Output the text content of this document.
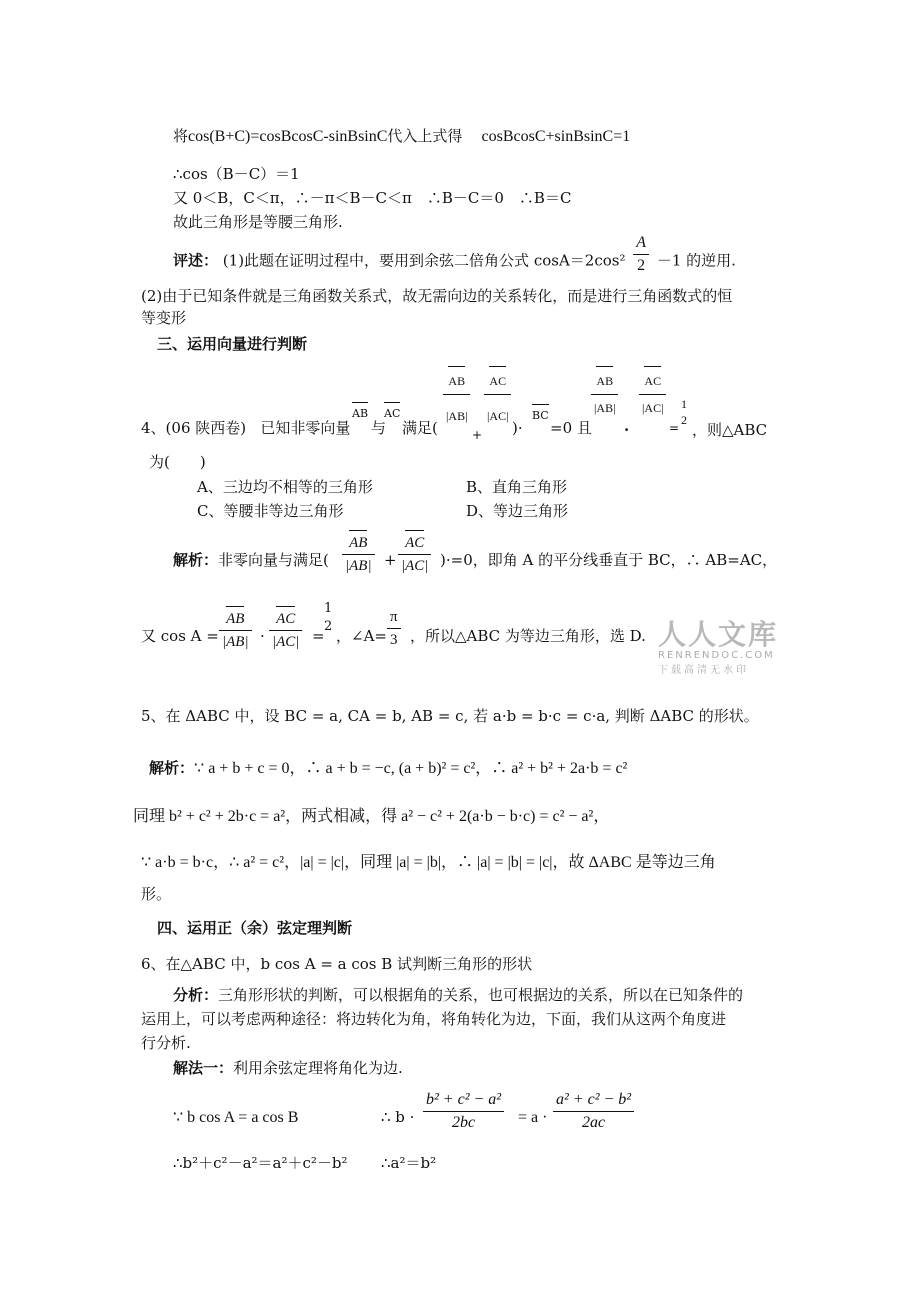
将cos(B+C)=cosBcosC-sinBsinC代入上式得 cosBcosC+sinBsinC=1
∴cos（B－C）＝1
又 0＜B，C＜π，∴－π＜B－C＜π　∴B－C＝0　∴B＝C
故此三角形是等腰三角形.
评述： (1)此题在证明过程中，要用到余弦二倍角公式 $\cos A=2\cos^2 \frac{A}{2} -1$ 的逆用.
(2)由于已知条件就是三角函数关系式，故无需向边的关系转化，而是进行三角函数式的恒
等变形
三、运用向量进行判断
4、(06 陕西卷) 已知非零向量
AB
与
AC
满足( $\frac{AB}{|AB|}$
+
$\frac{AC}{|AC|}$ )·
BC
=0 且
$\frac{AB}{|AB|}$
·
$\frac{AC}{|AC|}$
=
1
2
，则△ABC
为(　　)
A、三边均不相等的三角形	B、直角三角形
C、等腰非等边三角形	D、等边三角形
解析：非零向量与满足( $\frac{AB}{|AB|} + \frac{AC}{|AC|} )\cdot=0$，即角 A 的平分线垂直于 BC，∴ AB=AC，
又 $\cos A = \frac{AB}{|AB|} \cdot \frac{AC}{|AC|}$ =
1
2
，∠A= $\frac{\pi}{3}$ ，所以△ABC 为等边三角形，选 D. 人人文库
RENRENDOC.COM
下载高清无水印
5、在 ΔABC 中，设 BC = a, CA = b, AB = c, 若 a·b = b·c = c·a, 判断 ΔABC 的形状。
解析：∵ a + b + c = 0，∴ a + b = −c, (a + b)² = c²，∴ a² + b² + 2a·b = c²
同理 b² + c² + 2b·c = a²，两式相减，得 a² − c² + 2(a·b − b·c) = c² − a²，
∵ a·b = b·c，∴ a² = c²，|a| = |c|，同理 |a| = |b|，∴ |a| = |b| = |c|，故 ΔABC 是等边三角
形。
四、运用正（余）弦定理判断
6、在△ABC 中，b cos A = a cos B 试判断三角形的形状
分析：三角形形状的判断，可以根据角的关系，也可根据边的关系，所以在已知条件的
运用上，可以考虑两种途径：将边转化为角，将角转化为边，下面，我们从这两个角度进
行分析.
解法一：利用余弦定理将角化为边.
∵ b cos A = a cos B	∴ $b \cdot \frac{\text{b² + c² − a²}}{2bc} = a \cdot \frac{\text{a² + c² − b²}}{2ac}$
∴b²＋c²－a²＝a²＋c²－b² ∴a²＝b²
